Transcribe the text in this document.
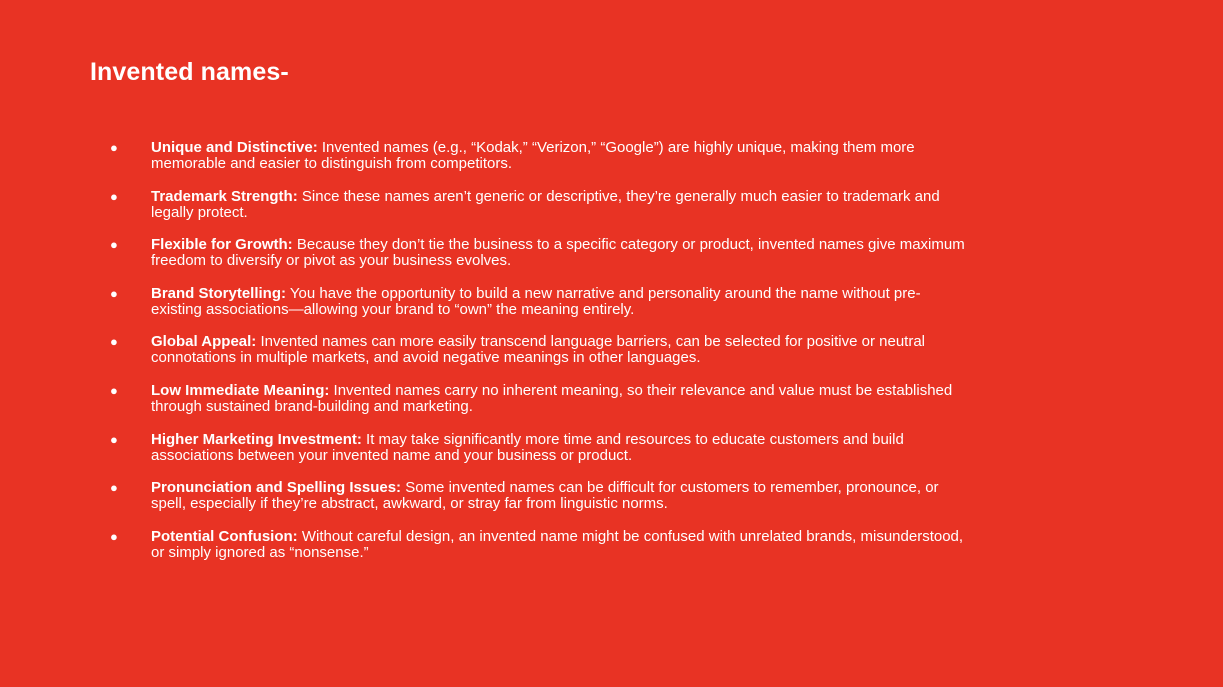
Invented names-
● Unique and Distinctive: Invented names (e.g., “Kodak,” “Verizon,” “Google”) are highly unique, making them more memorable and easier to distinguish from competitors.
● Trademark Strength: Since these names aren’t generic or descriptive, they’re generally much easier to trademark and legally protect.
● Flexible for Growth: Because they don’t tie the business to a specific category or product, invented names give maximum freedom to diversify or pivot as your business evolves.
● Brand Storytelling: You have the opportunity to build a new narrative and personality around the name without pre-existing associations—allowing your brand to “own” the meaning entirely.
● Global Appeal: Invented names can more easily transcend language barriers, can be selected for positive or neutral connotations in multiple markets, and avoid negative meanings in other languages.
● Low Immediate Meaning: Invented names carry no inherent meaning, so their relevance and value must be established through sustained brand-building and marketing.
● Higher Marketing Investment: It may take significantly more time and resources to educate customers and build associations between your invented name and your business or product.
● Pronunciation and Spelling Issues: Some invented names can be difficult for customers to remember, pronounce, or spell, especially if they’re abstract, awkward, or stray far from linguistic norms.
● Potential Confusion: Without careful design, an invented name might be confused with unrelated brands, misunderstood, or simply ignored as “nonsense.”
